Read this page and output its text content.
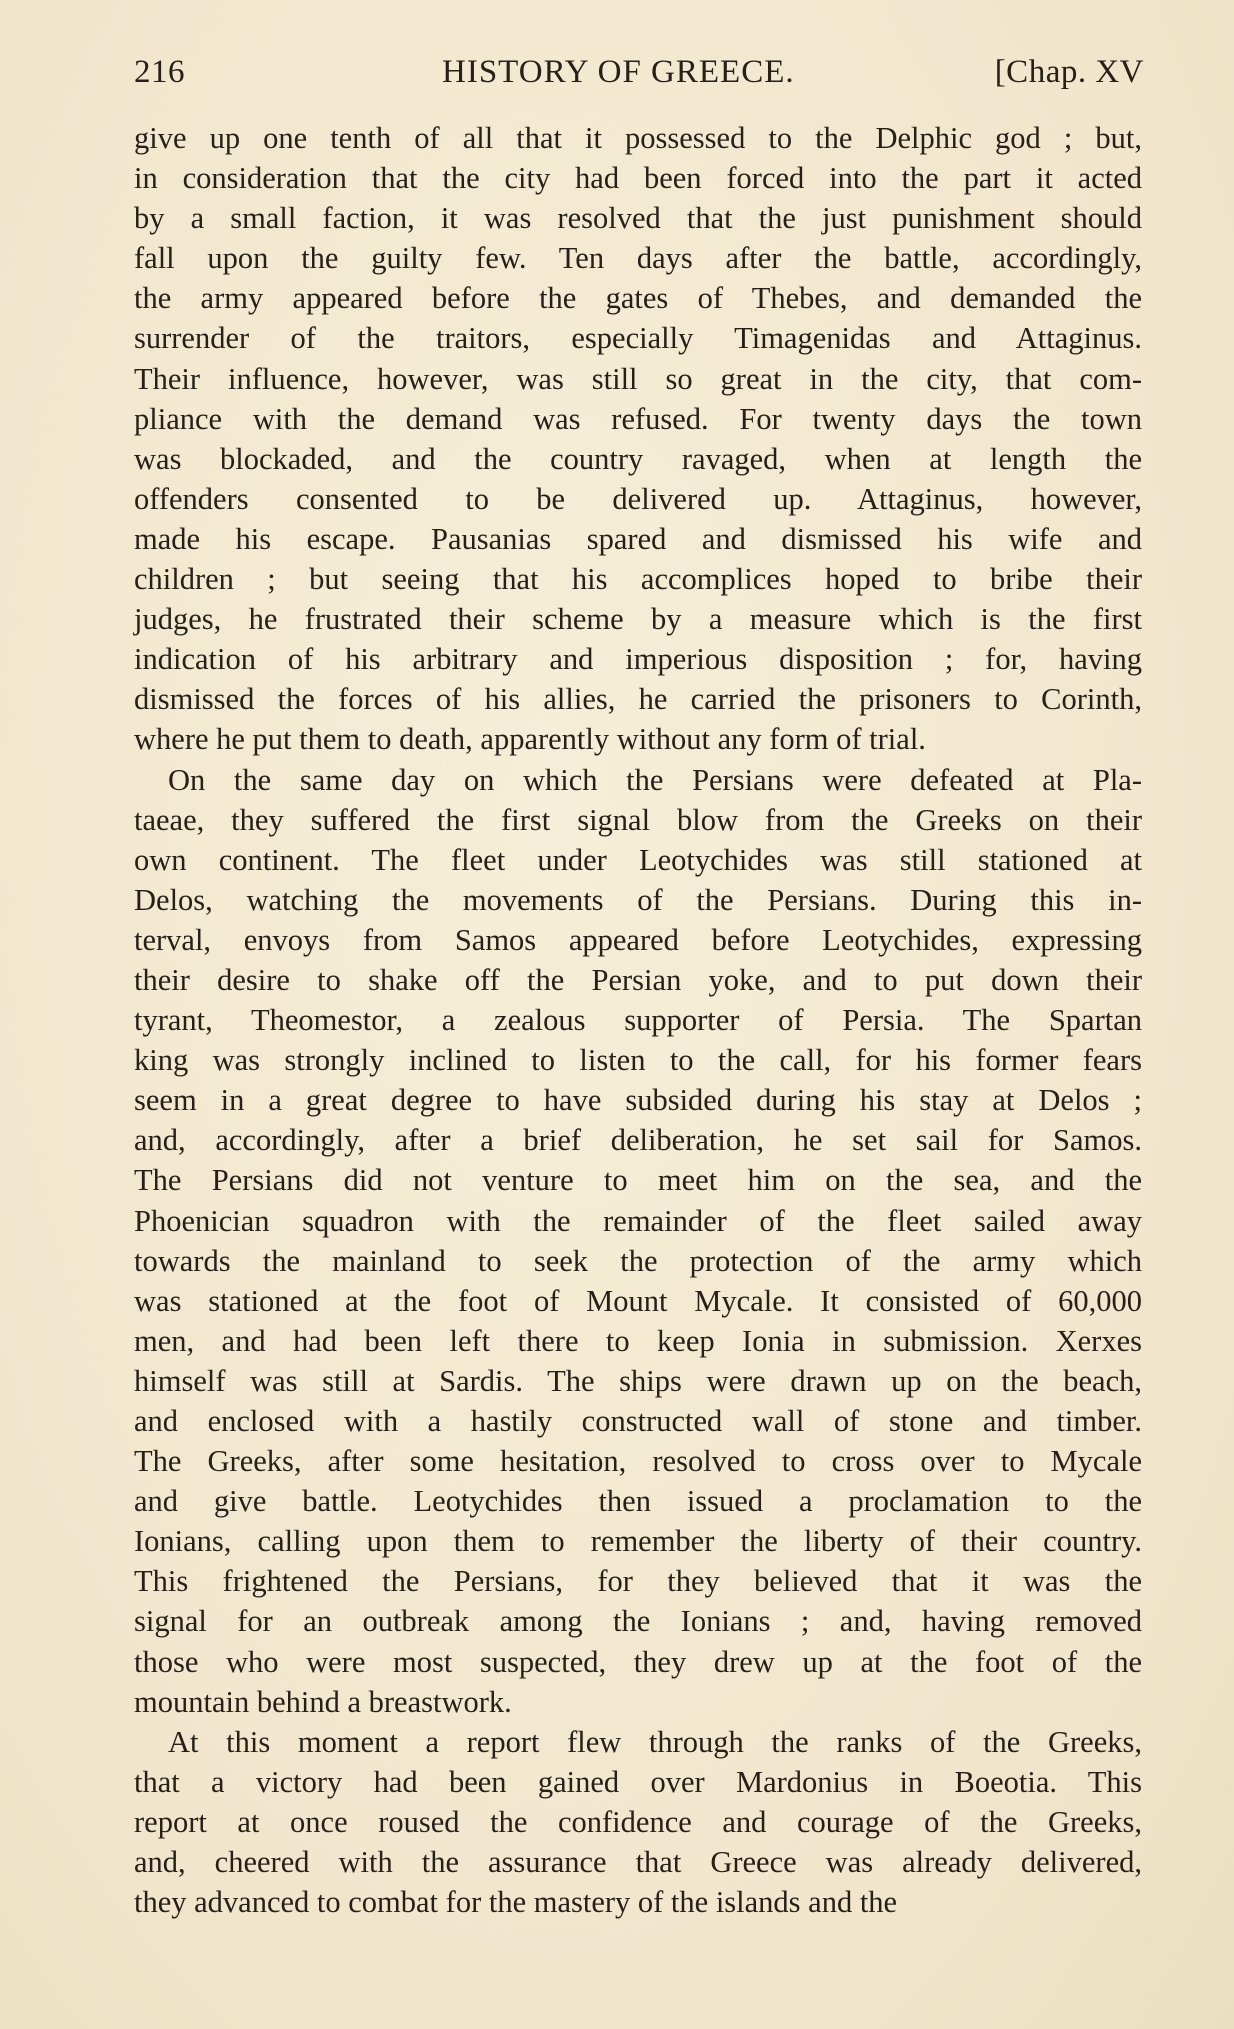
216	HISTORY OF GREECE.	[Chap. XV

give up one tenth of all that it possessed to the Delphic god ; but,
in consideration that the city had been forced into the part it acted
by a small faction, it was resolved that the just punishment should
fall upon the guilty few. Ten days after the battle, accordingly,
the army appeared before the gates of Thebes, and demanded the
surrender of the traitors, especially Timagenidas and Attaginus.
Their influence, however, was still so great in the city, that com-
pliance with the demand was refused. For twenty days the town
was blockaded, and the country ravaged, when at length the
offenders consented to be delivered up. Attaginus, however,
made his escape. Pausanias spared and dismissed his wife and
children ; but seeing that his accomplices hoped to bribe their
judges, he frustrated their scheme by a measure which is the first
indication of his arbitrary and imperious disposition ; for, having
dismissed the forces of his allies, he carried the prisoners to Corinth,
where he put them to death, apparently without any form of trial.

On the same day on which the Persians were defeated at Pla-
taeae, they suffered the first signal blow from the Greeks on their
own continent. The fleet under Leotychides was still stationed at
Delos, watching the movements of the Persians. During this in-
terval, envoys from Samos appeared before Leotychides, expressing
their desire to shake off the Persian yoke, and to put down their
tyrant, Theomestor, a zealous supporter of Persia. The Spartan
king was strongly inclined to listen to the call, for his former fears
seem in a great degree to have subsided during his stay at Delos ;
and, accordingly, after a brief deliberation, he set sail for Samos.
The Persians did not venture to meet him on the sea, and the
Phoenician squadron with the remainder of the fleet sailed away
towards the mainland to seek the protection of the army which
was stationed at the foot of Mount Mycale. It consisted of 60,000
men, and had been left there to keep Ionia in submission. Xerxes
himself was still at Sardis. The ships were drawn up on the beach,
and enclosed with a hastily constructed wall of stone and timber.
The Greeks, after some hesitation, resolved to cross over to Mycale
and give battle. Leotychides then issued a proclamation to the
Ionians, calling upon them to remember the liberty of their country.
This frightened the Persians, for they believed that it was the
signal for an outbreak among the Ionians ; and, having removed
those who were most suspected, they drew up at the foot of the
mountain behind a breastwork.

At this moment a report flew through the ranks of the Greeks,
that a victory had been gained over Mardonius in Boeotia. This
report at once roused the confidence and courage of the Greeks,
and, cheered with the assurance that Greece was already delivered,
they advanced to combat for the mastery of the islands and the
